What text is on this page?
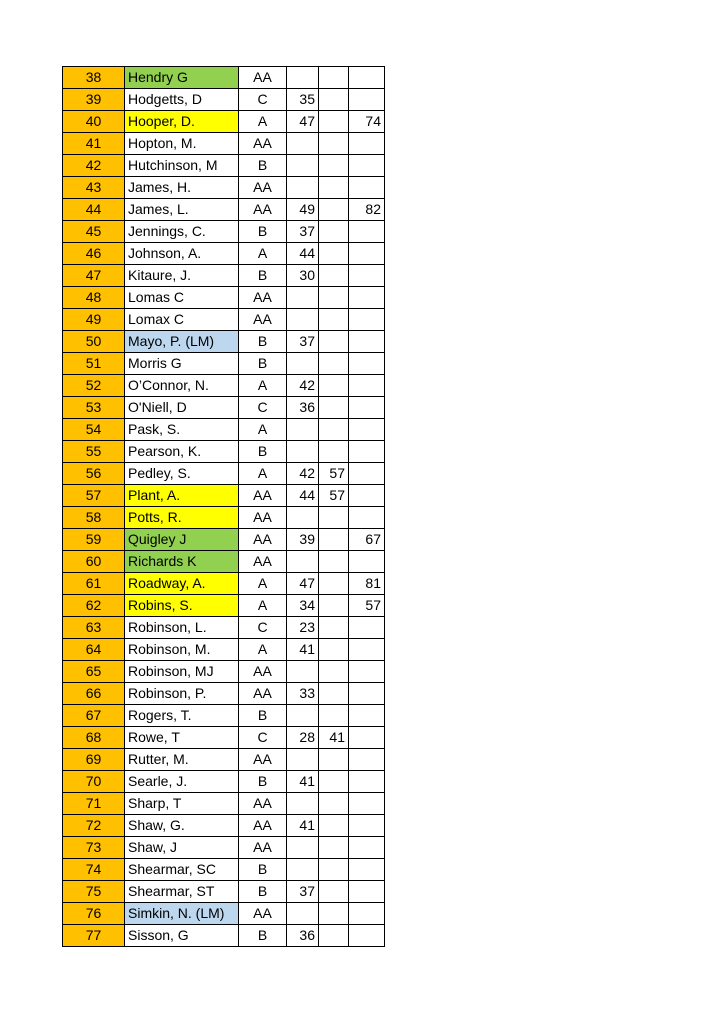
38	Hendry G	AA			
39	Hodgetts, D	C	35		
40	Hooper, D.	A	47		74
41	Hopton, M.	AA			
42	Hutchinson, M	B			
43	James, H.	AA			
44	James, L.	AA	49		82
45	Jennings, C.	B	37		
46	Johnson, A.	A	44		
47	Kitaure, J.	B	30		
48	Lomas C	AA			
49	Lomax C	AA			
50	Mayo, P. (LM)	B	37		
51	Morris G	B			
52	O’Connor, N.	A	42		
53	O'Niell, D	C	36		
54	Pask, S.	A			
55	Pearson, K.	B			
56	Pedley, S.	A	42	57	
57	Plant, A.	AA	44	57	
58	Potts, R.	AA			
59	Quigley J	AA	39		67
60	Richards K	AA			
61	Roadway, A.	A	47		81
62	Robins, S.	A	34		57
63	Robinson, L.	C	23		
64	Robinson, M.	A	41		
65	Robinson, MJ	AA			
66	Robinson, P.	AA	33		
67	Rogers, T.	B			
68	Rowe, T	C	28	41	
69	Rutter, M.	AA			
70	Searle, J.	B	41		
71	Sharp, T	AA			
72	Shaw, G.	AA	41		
73	Shaw, J	AA			
74	Shearmar, SC	B			
75	Shearmar, ST	B	37		
76	Simkin, N. (LM)	AA			
77	Sisson, G	B	36		
